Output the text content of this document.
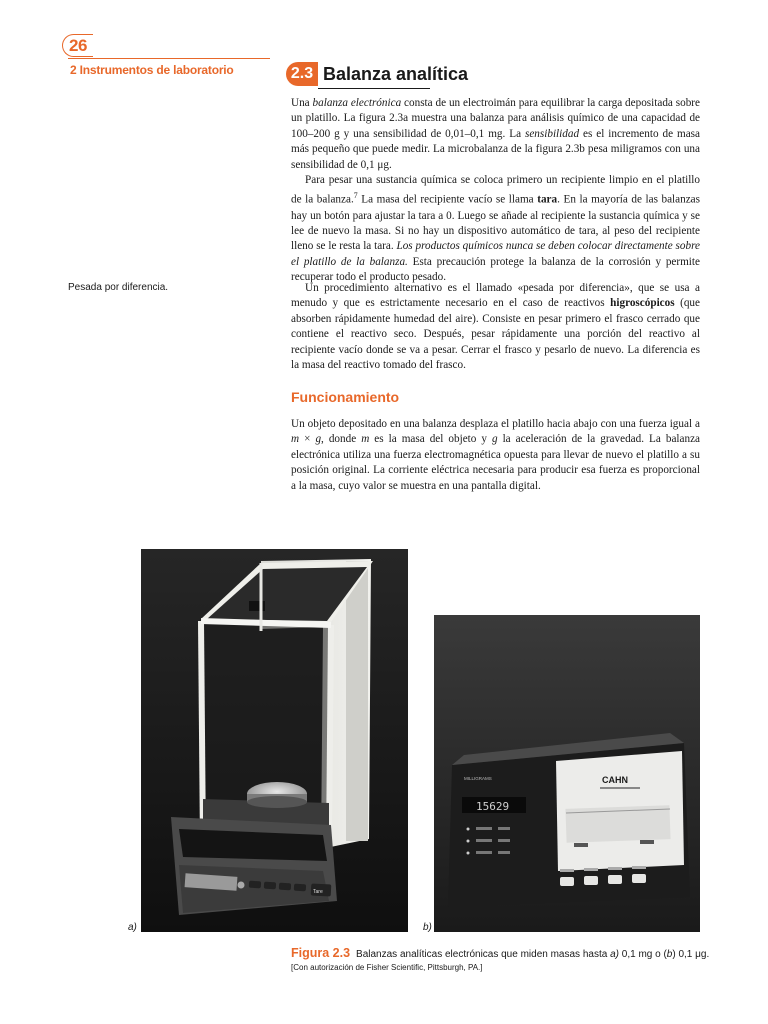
26
2 Instrumentos de laboratorio	2.3 Balanza analítica
Pesada por diferencia.

Una balanza electrónica consta de un electroimán para equilibrar la carga depositada sobre un platillo. La figura 2.3a muestra una balanza para análisis químico de una capacidad de 100–200 g y una sensibilidad de 0,01–0,1 mg. La sensibilidad es el incremento de masa más pequeño que puede medir. La microbalanza de la figura 2.3b pesa miligramos con una sensibilidad de 0,1 μg.

Para pesar una sustancia química se coloca primero un recipiente limpio en el platillo de la balanza.$^7$ La masa del recipiente vacío se llama tara. En la mayoría de las balanzas hay un botón para ajustar la tara a 0. Luego se añade al recipiente la sustancia química y se lee de nuevo la masa. Si no hay un dispositivo automático de tara, al peso del recipiente lleno se le resta la tara. Los productos químicos nunca se deben colocar directamente sobre el platillo de la balanza. Esta precaución protege la balanza de la corrosión y permite recuperar todo el producto pesado.

Un procedimiento alternativo es el llamado «pesada por diferencia», que se usa a menudo y que es estrictamente necesario en el caso de reactivos higroscópicos (que absorben rápidamente humedad del aire). Consiste en pesar primero el frasco cerrado que contiene el reactivo seco. Después, pesar rápidamente una porción del reactivo al recipiente vacío donde se va a pesar. Cerrar el frasco y pesarlo de nuevo. La diferencia es la masa del reactivo tomado del frasco.

Funcionamiento

Un objeto depositado en una balanza desplaza el platillo hacia abajo con una fuerza igual a m × g, donde m es la masa del objeto y g la aceleración de la gravedad. La balanza electrónica utiliza una fuerza electromagnética opuesta para llevar de nuevo el platillo a su posición original. La corriente eléctrica necesaria para producir esa fuerza es proporcional a la masa, cuyo valor se muestra en una pantalla digital.

Tare
a)
CAHN
MILLIGRAMS
15629
b)
Figura 2.3 Balanzas analíticas electrónicas que miden masas hasta a) 0,1 mg o (b) 0,1 μg.
[Con autorización de Fisher Scientific, Pittsburgh, PA.]
